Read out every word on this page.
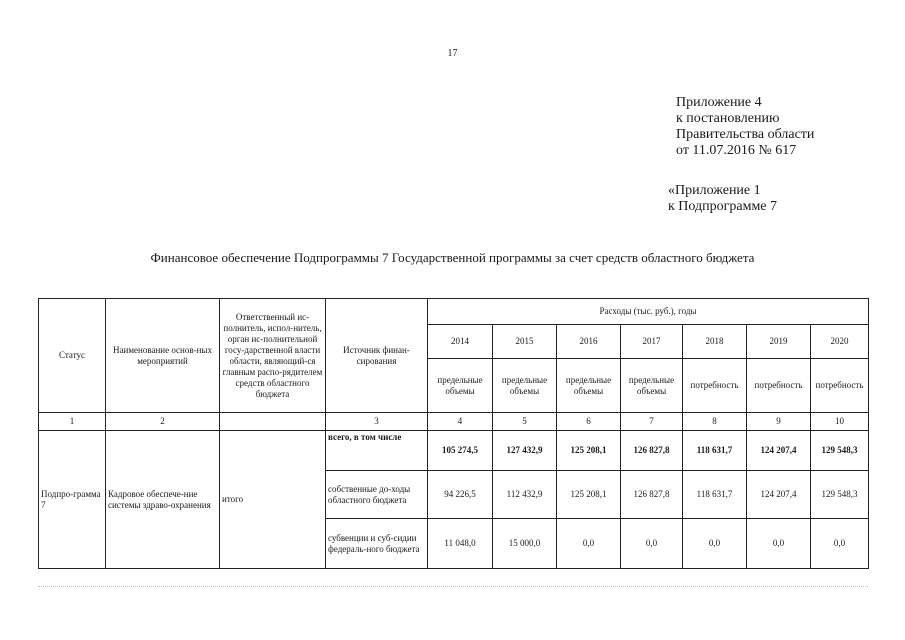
17
Приложение 4
к постановлению
Правительства области
от 11.07.2016 № 617
«Приложение 1
к Подпрограмме 7
Финансовое обеспечение Подпрограммы 7 Государственной программы за счет средств областного бюджета
Статус	Наименование основ-ных мероприятий	Ответственный ис-полнитель, испол-нитель, орган ис-полнительной госу-дарственной власти области, являющий-ся главным распо-рядителем средств областного бюджета	Источник финан-сирования	Расходы (тыс. руб.), годы						
				2014	2015	2016	2017	2018	2019	2020
				предельные объемы	предельные объемы	предельные объемы	предельные объемы	потребность	потребность	потребность
1	2		3	4	5	6	7	8	9	10
Подпро-грамма 7	Кадровое обеспече-ние системы здраво-охранения	итого	всего, в том числе	105 274,5	127 432,9	125 208,1	126 827,8	118 631,7	124 207,4	129 548,3
			собственные до-ходы областного бюджета	94 226,5	112 432,9	125 208,1	126 827,8	118 631,7	124 207,4	129 548,3
			субвенции и суб-сидии федераль-ного бюджета	11 048,0	15 000,0	0,0	0,0	0,0	0,0	0,0
